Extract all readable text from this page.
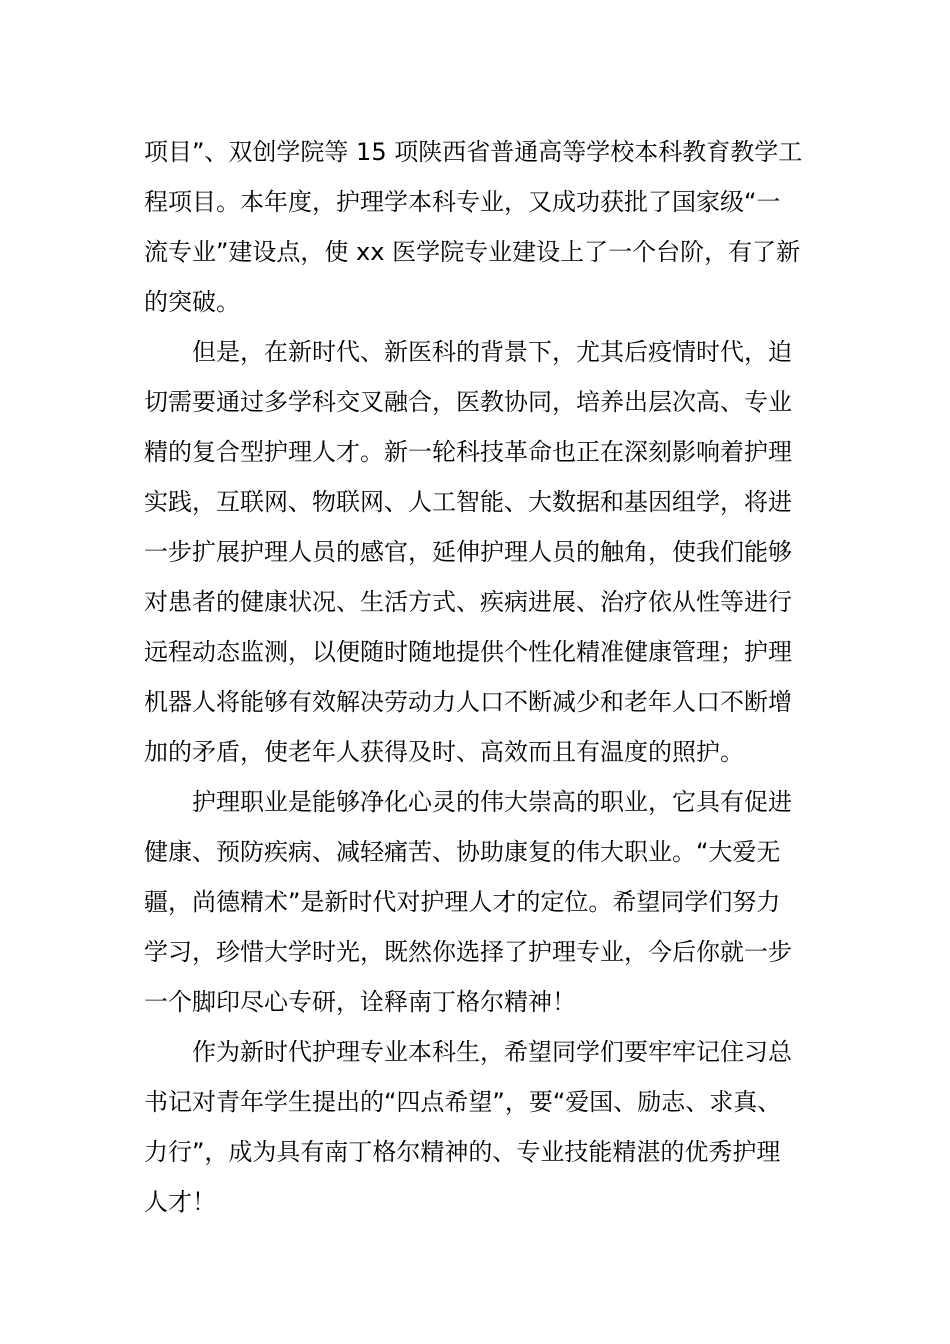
项目”、双创学院等 15 项陕西省普通高等学校本科教育教学工
程项目。本年度，护理学本科专业，又成功获批了国家级“一
流专业”建设点，使 xx 医学院专业建设上了一个台阶，有了新
的突破。
但是，在新时代、新医科的背景下，尤其后疫情时代，迫
切需要通过多学科交叉融合，医教协同，培养出层次高、专业
精的复合型护理人才。新一轮科技革命也正在深刻影响着护理
实践，互联网、物联网、人工智能、大数据和基因组学，将进
一步扩展护理人员的感官，延伸护理人员的触角，使我们能够
对患者的健康状况、生活方式、疾病进展、治疗依从性等进行
远程动态监测，以便随时随地提供个性化精准健康管理；护理
机器人将能够有效解决劳动力人口不断减少和老年人口不断增
加的矛盾，使老年人获得及时、高效而且有温度的照护。
护理职业是能够净化心灵的伟大崇高的职业，它具有促进
健康、预防疾病、减轻痛苦、协助康复的伟大职业。“大爱无
疆，尚德精术”是新时代对护理人才的定位。希望同学们努力
学习，珍惜大学时光，既然你选择了护理专业，今后你就一步
一个脚印尽心专研，诠释南丁格尔精神！
作为新时代护理专业本科生，希望同学们要牢牢记住习总
书记对青年学生提出的“四点希望”，要“爱国、励志、求真、
力行”，成为具有南丁格尔精神的、专业技能精湛的优秀护理
人才！
